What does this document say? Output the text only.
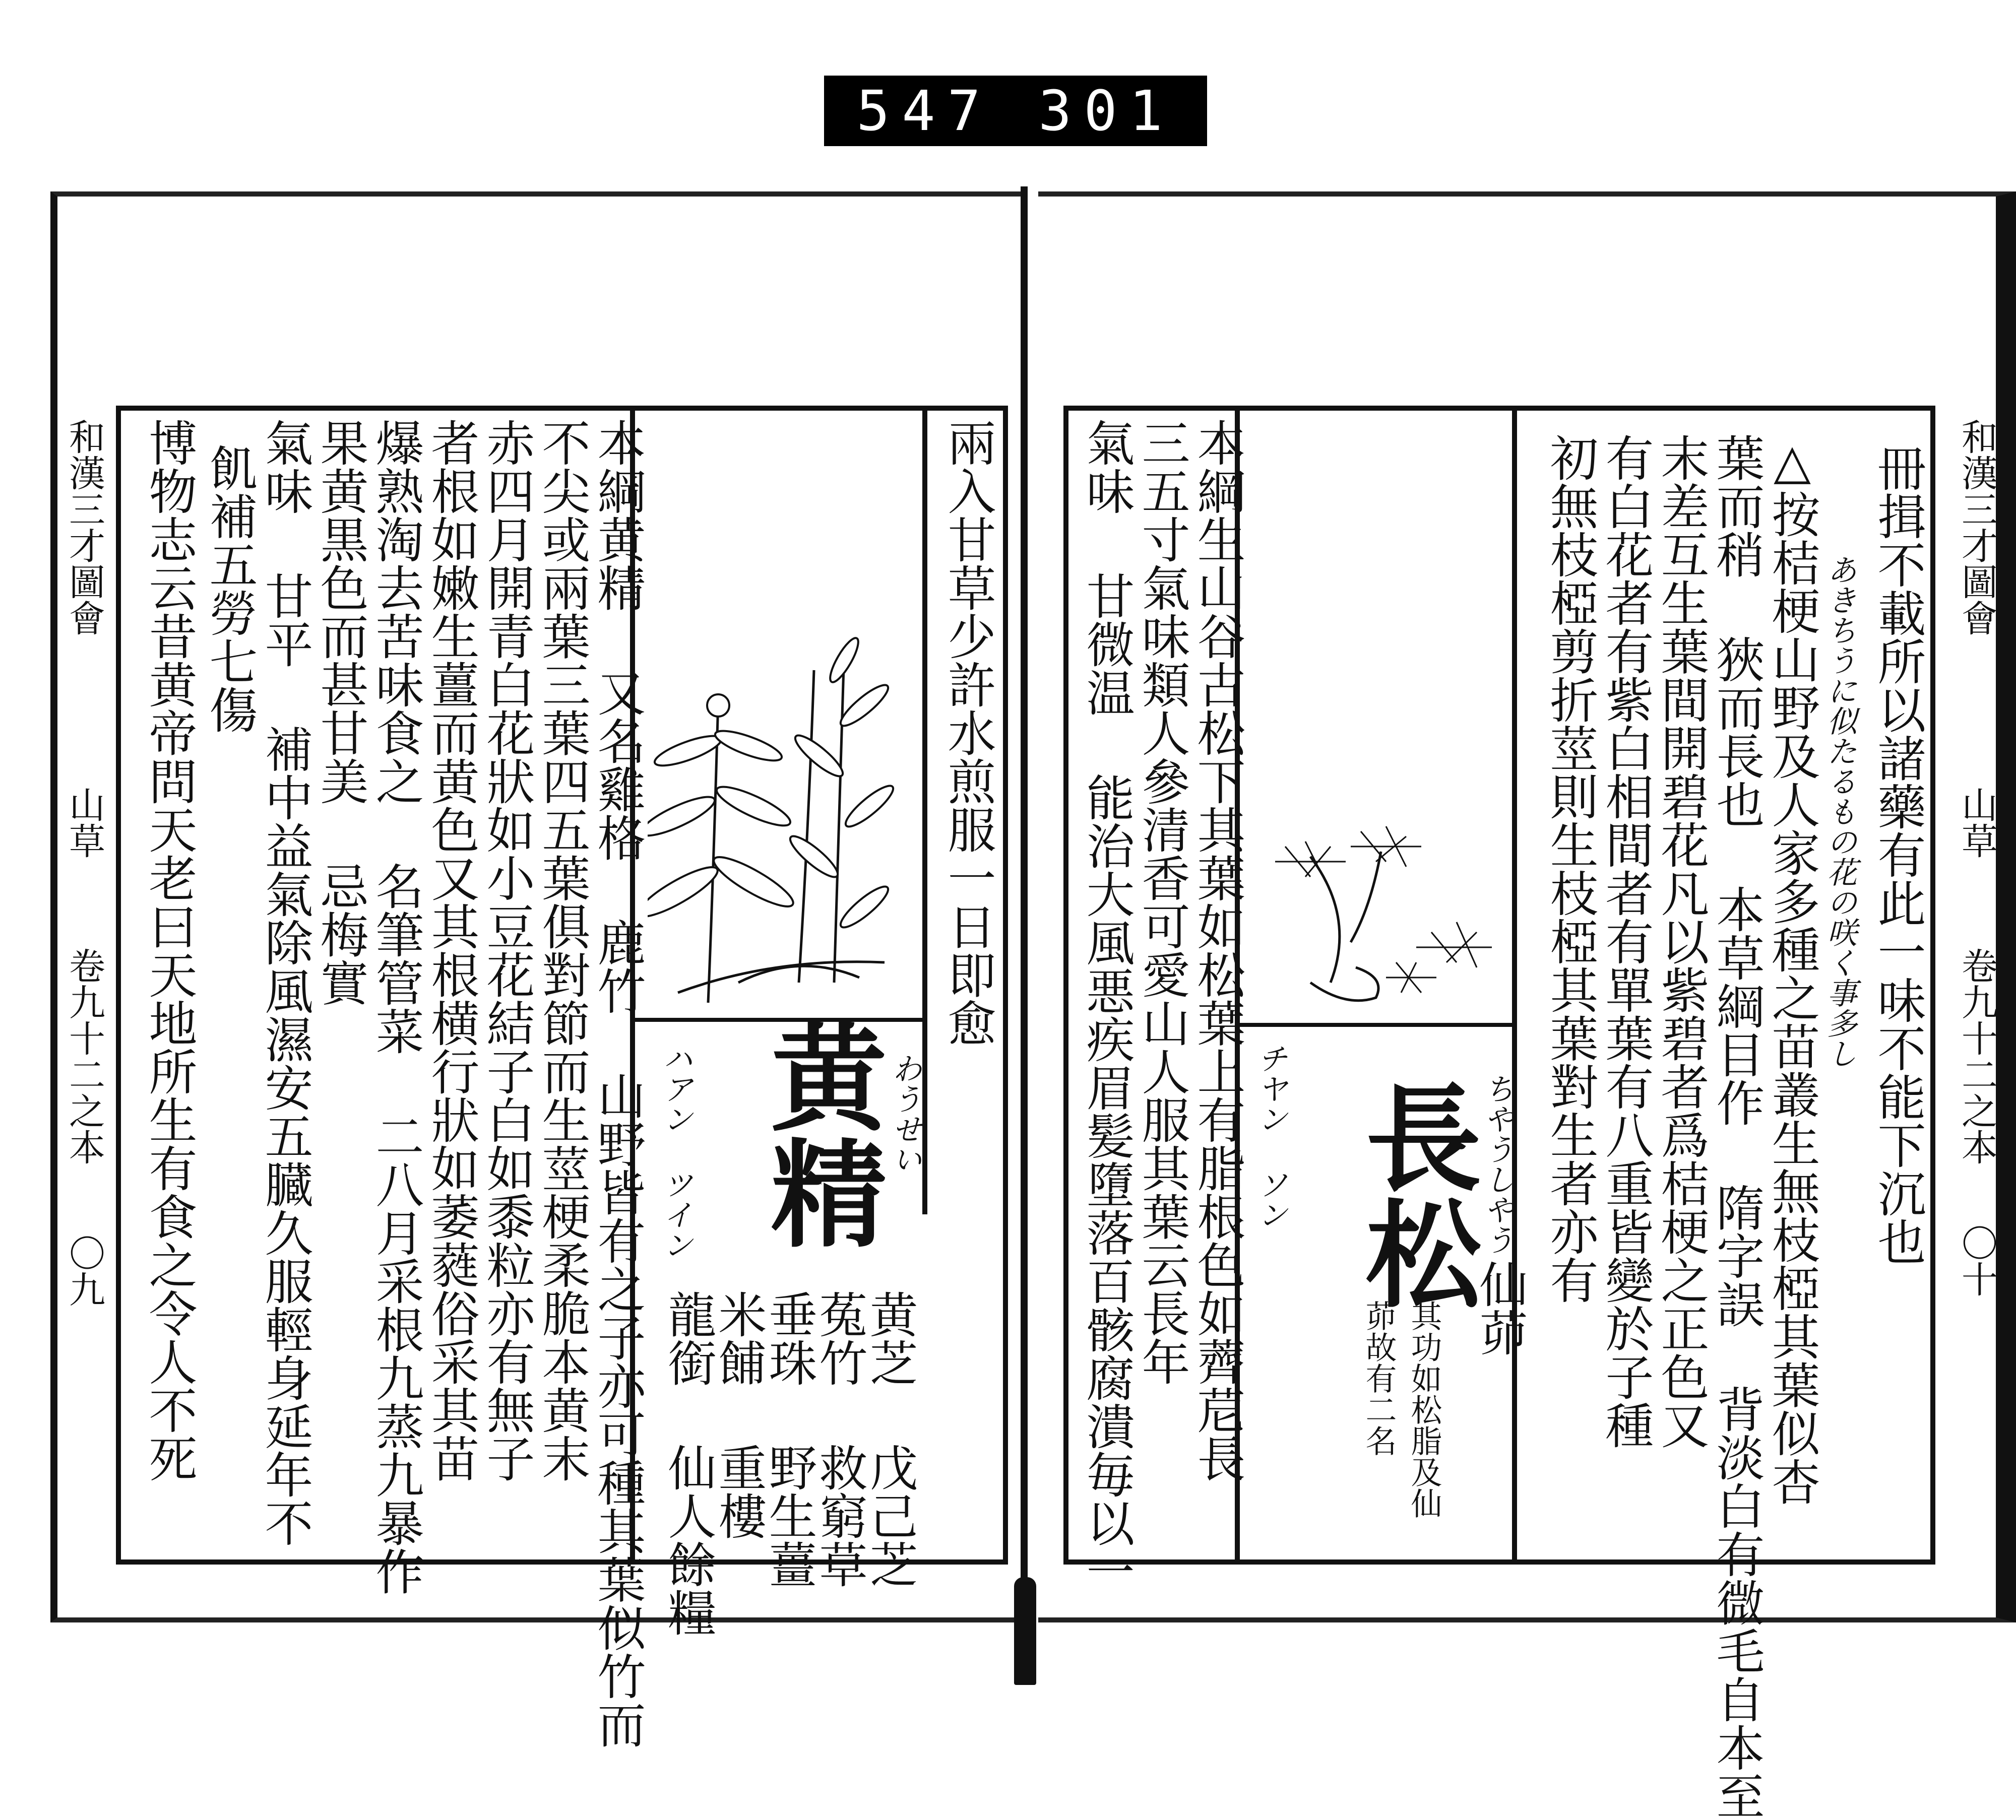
547 301
和漢三才圖會
山草
卷九十二之本
〇九
兩入甘草少許水煎服一日即愈
わうせい
黄精
ハアン ツイン
黄芝 戊己芝
菟竹 救窮草
垂珠 野生薑
米餔 重樓
龍銜 仙人餘糧
本綱黄精 又名雞格 鹿竹 山野皆有之子亦可種其葉似竹而
不尖或兩葉三葉四五葉俱對節而生莖梗柔脆本黄末
赤四月開青白花狀如小豆花結子白如黍粒亦有無子
者根如嫩生薑而黄色又其根横行狀如萎蕤俗采其苗
爆熟淘去苦味食之 名筆管菜 二八月采根九蒸九暴作
果黄黒色而甚甘美 忌梅實
氣味 甘平 補中益氣除風濕安五臓久服輕身延年不
飢補五勞七傷
博物志云昔黄帝問天老曰天地所生有食之令人不死	ちやうしやう
長松
チヤン ソン
仙茆
其功如松脂及仙茆故有二名
本綱生山谷古松下其葉如松葉上有脂根色如薺苨長
三五寸氣味類人參清香可愛山人服其葉云長年
氣味 甘微温 能治大風悪疾眉髪墮落百骸腐潰毎以一	冊揖不載所以諸藥有此一味不能下沉也
あきちうに似たるもの花の咲く事多し
△按桔梗山野及人家多種之苗叢生無枝椏其葉似杏
葉而稍 狹而長也 本草綱目作 隋字誤 背淡白有微毛自本至
末差互生葉間開碧花凡以紫碧者爲桔梗之正色又
有白花者有紫白相間者有單葉有八重皆變於子種
初無枝椏剪折莖則生枝椏其葉對生者亦有	和漢三才圖會
山草
卷九十二之本
〇十
